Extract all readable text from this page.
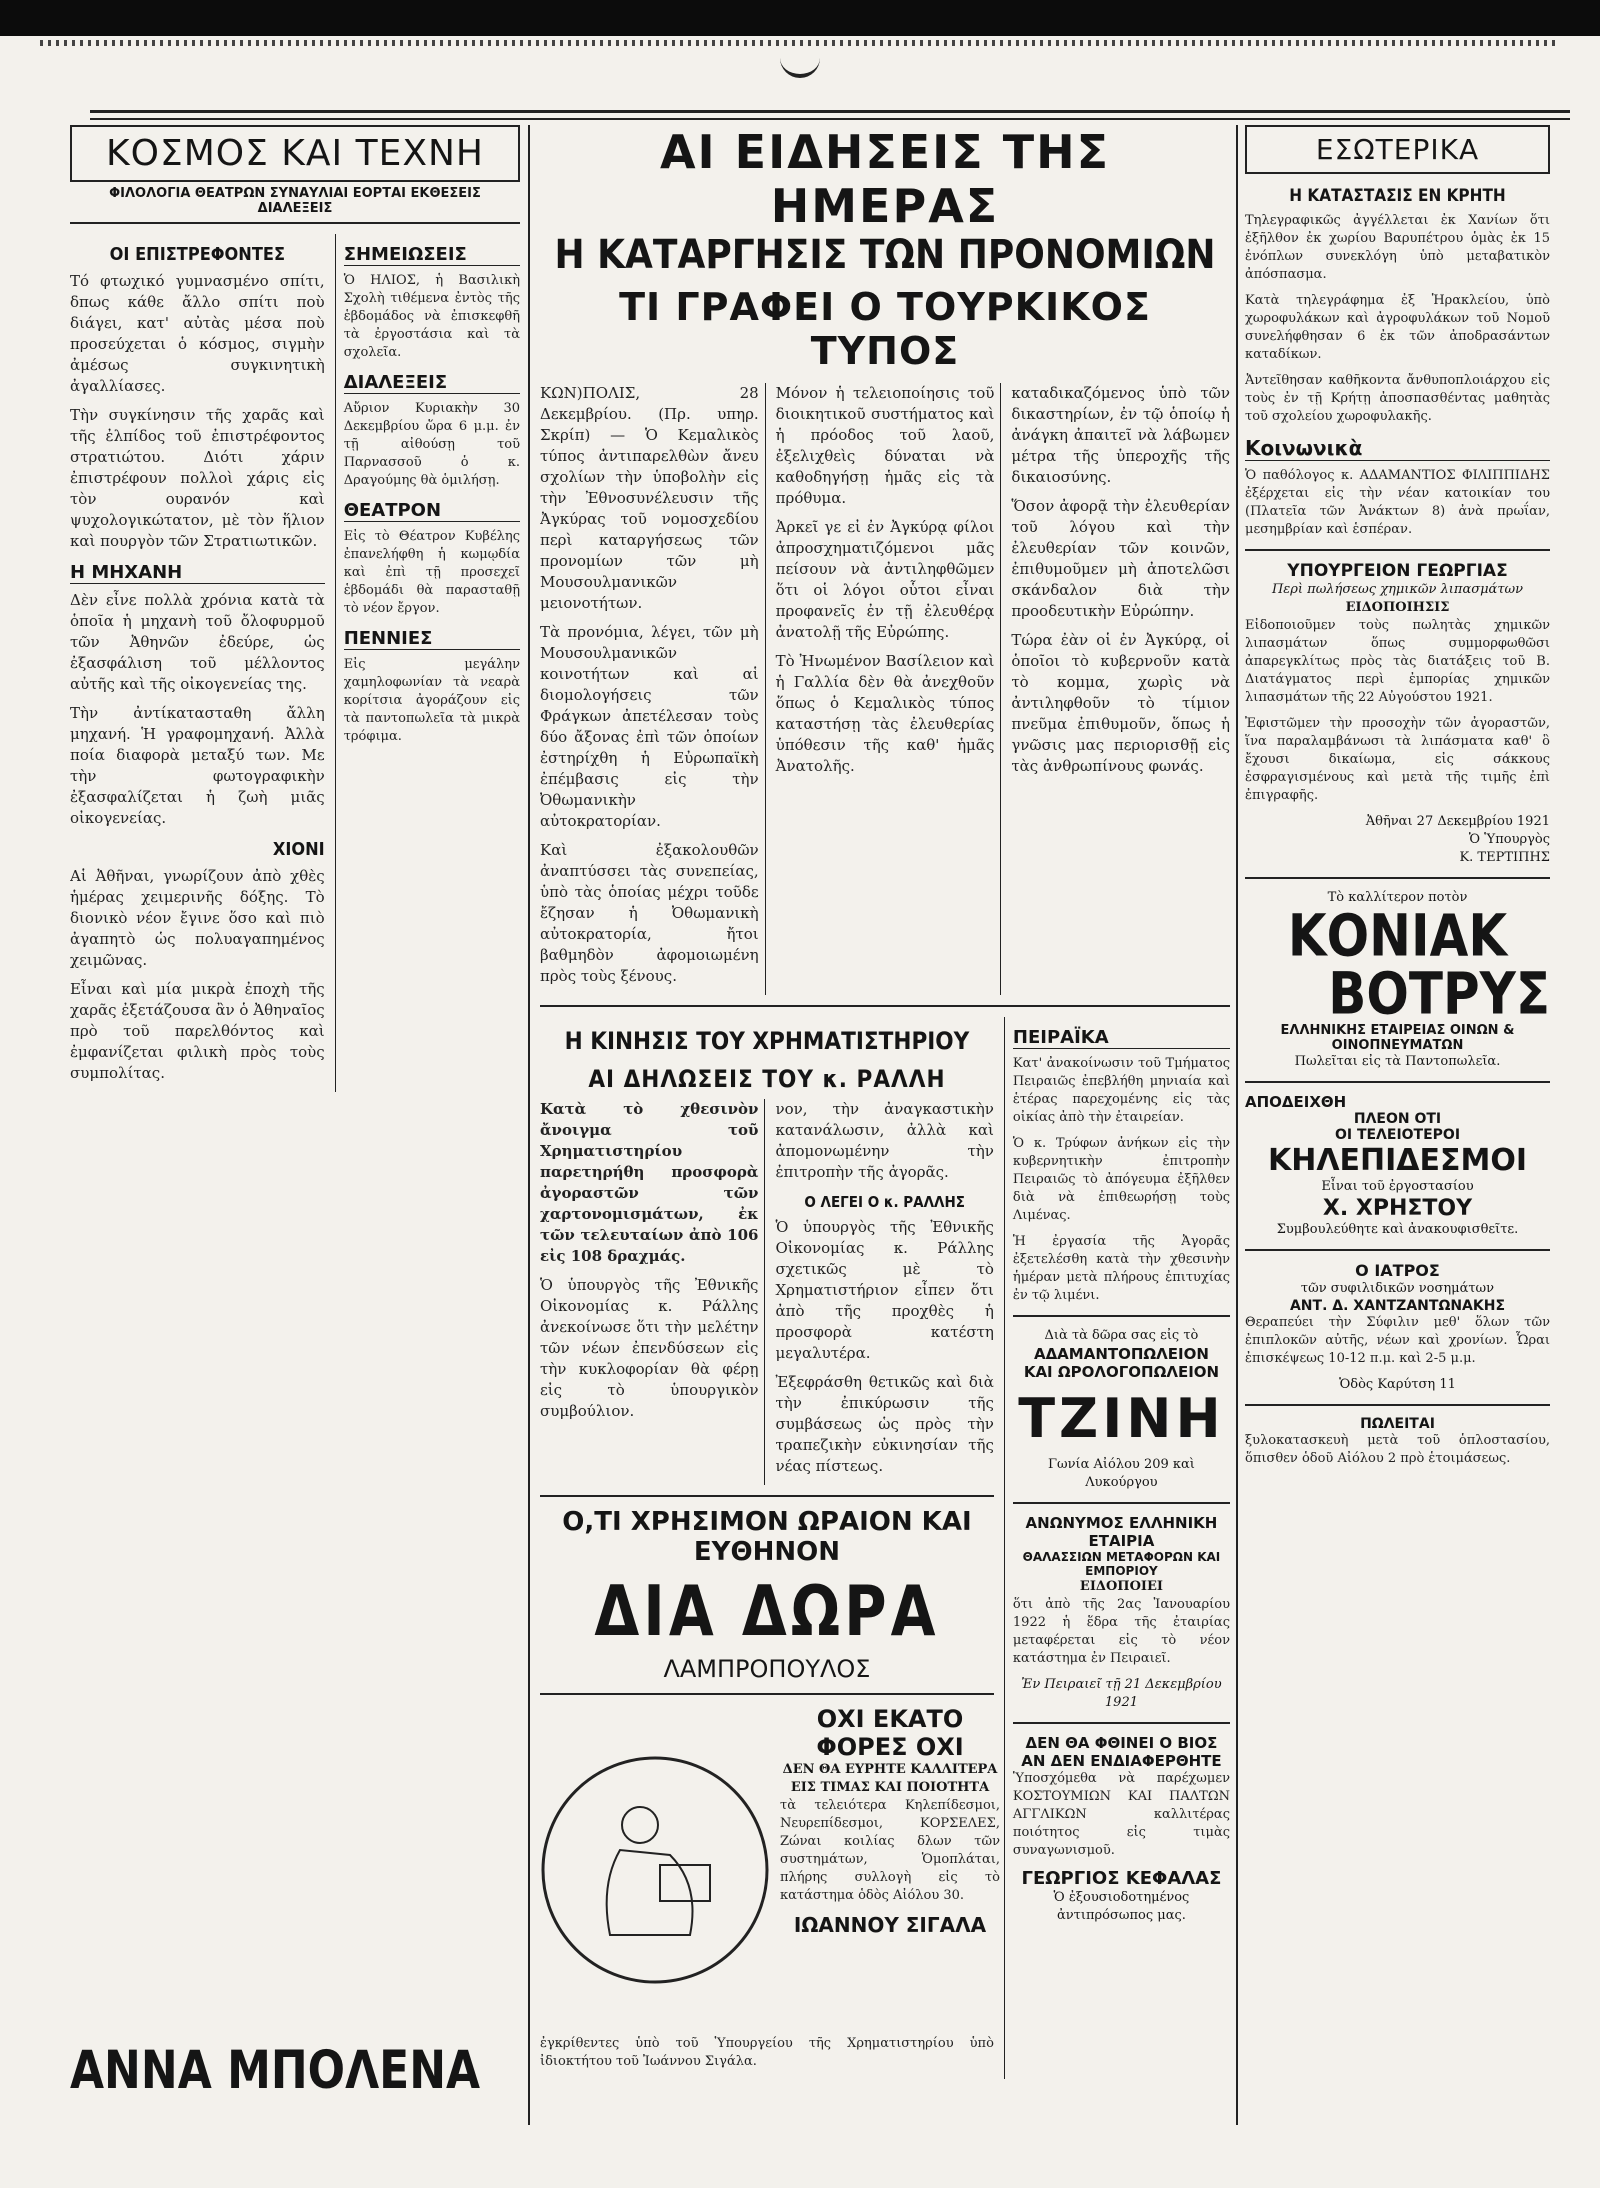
ΚΟΣΜΟΣ ΚΑΙ ΤΕΧΝΗ
ΦΙΛΟΛΟΓΙΑ ΘΕΑΤΡΩΝ ΣΥΝΑΥΛΙΑΙ ΕΟΡΤΑΙ ΕΚΘΕΣΕΙΣ ΔΙΑΛΕΞΕΙΣ
ΟΙ ΕΠΙΣΤΡΕΦΟΝΤΕΣ

Τό φτωχικό γυμνασμένο σπίτι, δπως κάθε ἄλλο σπίτι ποὺ διάγει, κατ' αὐτὰς μέσα ποὺ προσεύχεται ὁ κόσμος, σιγμὴν ἀμέσως συγκινητικὴ ἀγαλλίασες.

Τὴν συγκίνησιν τῆς χαρᾶς καὶ τῆς ἐλπίδος τοῦ ἐπιστρέφοντος στρατιώτου. Διότι χάριν ἐπιστρέφουν πολλοὶ χάρις εἰς τὸν ουρανόν καὶ ψυχολογικώτατον, μὲ τὸν ἥλιον καὶ πουργὸν τῶν Στρατιωτικῶν.

Η ΜΗΧΑΝΗ

Δὲν εἶνε πολλὰ χρόνια κατὰ τὰ ὁποῖα ἡ μηχανὴ τοῦ ὄλοφυρμοῦ τῶν Ἀθηνῶν ἐδεύρε, ὡς ἐξασφάλιση τοῦ μέλλοντος αὐτῆς καὶ τῆς οἰκογενείας της.

Τὴν ἀντίκατασταθη ἄλλη μηχανή. Ἡ γραφομηχανή. Ἀλλὰ ποία διαφορὰ μεταξύ των. Με τὴν φωτογραφικὴν ἐξασφαλίζεται ἡ ζωὴ μιᾶς οἰκογενείας.

ΧΙΟΝΙ

Αἱ Ἀθῆναι, γνωρίζουν ἀπὸ χθὲς ἡμέρας χειμερινῆς δόξης. Τὸ διονικὸ νέον ἔγινε ὅσο καὶ πιὸ ἀγαπητὸ ὡς πολυαγαπημένος χειμῶνας.

Εἶναι καὶ μία μικρὰ ἐποχὴ τῆς χαρᾶς ἐξετάζουσα ἂν ὁ Ἀθηναῖος πρὸ τοῦ παρελθόντος καὶ ἐμφανίζεται φιλικὴ πρὸς τοὺς συμπολίτας.

ΣΗΜΕΙΩΣΕΙΣ

Ὁ ΗΛΙΟΣ, ἡ Βασιλικὴ Σχολὴ τιθέμενα ἐντὸς τῆς ἑβδομάδος νὰ ἐπισκεφθῆ τὰ ἐργοστάσια καὶ τὰ σχολεῖα.

ΔΙΑΛΕΞΕΙΣ

Αὔριον Κυριακὴν 30 Δεκεμβρίου ὥρα 6 μ.μ. ἐν τῇ αἰθούσῃ τοῦ Παρνασσοῦ ὁ κ. Δραγούμης θὰ ὁμιλήσῃ.

ΘΕΑΤΡΟΝ

Εἰς τὸ Θέατρον Κυβέλης ἐπανελήφθη ἡ κωμῳδία καὶ ἐπὶ τῇ προσεχεῖ ἑβδομάδι θὰ παρασταθῇ τὸ νέον ἔργον.

ΠΕΝΝΙΕΣ

Εἰς μεγάλην χαμηλοφωνίαν τὰ νεαρὰ κορίτσια ἀγοράζουν εἰς τὰ παντοπωλεῖα τὰ μικρὰ τρόφιμα.

ΑΝΝΑ ΜΠΟΛΕΝΑ
ΑΙ ΕΙΔΗΣΕΙΣ ΤΗΣ ΗΜΕΡΑΣ
Η ΚΑΤΑΡΓΗΣΙΣ ΤΩΝ ΠΡΟΝΟΜΙΩΝ
ΤΙ ΓΡΑΦΕΙ Ο ΤΟΥΡΚΙΚΟΣ ΤΥΠΟΣ

ΚΩΝ)ΠΟΛΙΣ, 28 Δεκεμβρίου. (Πρ. υπηρ. Σκρίπ) — Ὁ Κεμαλικὸς τύπος ἀντιπαρελθὼν ἄνευ σχολίων τὴν ὑποβολὴν εἰς τὴν Ἐθνοσυνέλευσιν τῆς Ἀγκύρας τοῦ νομοσχεδίου περὶ καταργήσεως τῶν προνομίων τῶν μὴ Μουσουλμανικῶν μειονοτήτων.

Τὰ προνόμια, λέγει, τῶν μὴ Μουσουλμανικῶν κοινοτήτων καὶ αἱ διομολογήσεις τῶν Φράγκων ἀπετέλεσαν τοὺς δύο ἄξονας ἐπὶ τῶν ὁποίων ἐστηρίχθη ἡ Εὐρωπαϊκὴ ἐπέμβασις εἰς τὴν Ὀθωμανικὴν αὐτοκρατορίαν.

Καὶ ἐξακολουθῶν ἀναπτύσσει τὰς συνεπείας, ὑπὸ τὰς ὁποίας μέχρι τοῦδε ἔζησαν ἡ Ὀθωμανικὴ αὐτοκρατορία, ἤτοι βαθμηδὸν ἀφομοιωμένη πρὸς τοὺς ξένους.

Μόνον ἡ τελειοποίησις τοῦ διοικητικοῦ συστήματος καὶ ἡ πρόοδος τοῦ λαοῦ, ἐξελιχθεὶς δύναται νὰ καθοδηγήσῃ ἡμᾶς εἰς τὰ πρόθυμα.

Ἀρκεῖ γε εἰ ἐν Ἀγκύρᾳ φίλοι ἀπροσχηματιζόμενοι μᾶς πείσουν νὰ ἀντιληφθῶμεν ὅτι οἱ λόγοι οὗτοι εἶναι προφανεῖς ἐν τῇ ἐλευθέρᾳ ἀνατολῇ τῆς Εὐρώπης.

Τὸ Ἠνωμένον Βασίλειον καὶ ἡ Γαλλία δὲν θὰ ἀνεχθοῦν ὅπως ὁ Κεμαλικὸς τύπος καταστήσῃ τὰς ἐλευθερίας ὑπόθεσιν τῆς καθ' ἡμᾶς Ἀνατολῆς.

καταδικαζόμενος ὑπὸ τῶν δικαστηρίων, ἐν τῷ ὁποίῳ ἡ ἀνάγκη ἀπαιτεῖ νὰ λάβωμεν μέτρα τῆς ὑπεροχῆς τῆς δικαιοσύνης.

Ὅσον ἀφορᾷ τὴν ἐλευθερίαν τοῦ λόγου καὶ τὴν ἐλευθερίαν τῶν κοινῶν, ἐπιθυμοῦμεν μὴ ἀποτελῶσι σκάνδαλον διὰ τὴν προοδευτικὴν Εὐρώπην.

Τώρα ἐὰν οἱ ἐν Ἀγκύρᾳ, οἱ ὁποῖοι τὸ κυβερνοῦν κατὰ τὸ κομμα, χωρὶς νὰ ἀντιληφθοῦν τὸ τίμιον πνεῦμα ἐπιθυμοῦν, ὅπως ἡ γνῶσις μας περιορισθῇ εἰς τὰς ἀνθρωπίνους φωνάς.

Η ΚΙΝΗΣΙΣ ΤΟΥ ΧΡΗΜΑΤΙΣΤΗΡΙΟΥ
ΑΙ ΔΗΛΩΣΕΙΣ ΤΟΥ κ. ΡΑΛΛΗ

Κατὰ τὸ χθεσινὸν ἄνοιγμα τοῦ Χρηματιστηρίου παρετηρήθη προσφορὰ ἀγοραστῶν τῶν χαρτονομισμάτων, ἐκ τῶν τελευταίων ἀπὸ 106 εἰς 108 δραχμάς.

Ὁ ὑπουργὸς τῆς Ἐθνικῆς Οἰκονομίας κ. Ράλλης ἀνεκοίνωσε ὅτι τὴν μελέτην τῶν νέων ἐπενδύσεων εἰς τὴν κυκλοφορίαν θὰ φέρῃ εἰς τὸ ὑπουργικὸν συμβούλιον.

νον, τὴν ἀναγκαστικὴν κατανάλωσιν, ἀλλὰ καὶ ἀπομονωμένην τὴν ἐπιτροπὴν τῆς ἀγορᾶς.

Ο ΛΕΓΕΙ Ο κ. ΡΑΛΛΗΣ

Ὁ ὑπουργὸς τῆς Ἐθνικῆς Οἰκονομίας κ. Ράλλης σχετικῶς μὲ τὸ Χρηματιστήριον εἶπεν ὅτι ἀπὸ τῆς προχθὲς ἡ προσφορὰ κατέστη μεγαλυτέρα.

Ἐξεφράσθη θετικῶς καὶ διὰ τὴν ἐπικύρωσιν τῆς συμβάσεως ὡς πρὸς τὴν τραπεζικὴν εὐκινησίαν τῆς νέας πίστεως.

Ο,ΤΙ ΧΡΗΣΙΜΟΝ ΩΡΑΙΟΝ ΚΑΙ ΕΥΘΗΝΟΝ
ΔΙΑ ΔΩΡΑ
ΛΑΜΠΡΟΠΟΥΛΟΣ
ΟΧΙ ΕΚΑΤΟ ΦΟΡΕΣ ΟΧΙ
ΔΕΝ ΘΑ ΕΥΡΗΤΕ ΚΑΛΛΙΤΕΡΑ ΕΙΣ ΤΙΜΑΣ ΚΑΙ ΠΟΙΟΤΗΤΑ

τὰ τελειότερα Κηλεπίδεσμοι, Νευρεπίδεσμοι, ΚΟΡΣΕΛΕΣ, Ζώναι κοιλίας δλων τῶν συστημάτων, Ὁμοπλάται, πλήρης συλλογὴ εἰς τὸ κατάστημα ὁδὸς Αἰόλου 30.

ΙΩΑΝΝΟΥ ΣΙΓΑΛΑ

ἐγκρίθεντες ὑπὸ τοῦ Ὑπουργείου τῆς Χρηματιστηρίου ὑπὸ ἰδιοκτήτου τοῦ Ἰωάννου Σιγάλα.

ΠΕΙΡΑΪΚΑ

Κατ' ἀνακοίνωσιν τοῦ Τμήματος Πειραιῶς ἐπεβλήθη μηνιαία καὶ ἑτέρας παρεχομένης εἰς τὰς οἰκίας ἀπὸ τὴν ἐταιρείαν.

Ὁ κ. Τρύφων ἀνήκων εἰς τὴν κυβερνητικὴν ἐπιτροπὴν Πειραιῶς τὸ ἀπόγευμα ἐξῆλθεν διὰ νὰ ἐπιθεωρήσῃ τοὺς Λιμένας.

Ἡ ἐργασία τῆς Ἀγορᾶς ἐξετελέσθη κατὰ τὴν χθεσινὴν ἡμέραν μετὰ πλήρους ἐπιτυχίας ἐν τῷ λιμένι.

Διὰ τὰ δῶρα σας εἰς τὸ
ΑΔΑΜΑΝΤΟΠΩΛΕΙΟΝ
ΚΑΙ ΩΡΟΛΟΓΟΠΩΛΕΙΟΝ
ΤΖΙΝΗ
Γωνία Αἰόλου 209 καὶ Λυκούργου
ΑΝΩΝΥΜΟΣ ΕΛΛΗΝΙΚΗ ΕΤΑΙΡΙΑ
ΘΑΛΑΣΣΙΩΝ ΜΕΤΑΦΟΡΩΝ ΚΑΙ ΕΜΠΟΡΙΟΥ
ΕΙΔΟΠΟΙΕΙ

ὅτι ἀπὸ τῆς 2ας Ἰανουαρίου 1922 ἡ ἕδρα τῆς ἐταιρίας μεταφέρεται εἰς τὸ νέον κατάστημα ἐν Πειραιεῖ.

Ἐν Πειραιεῖ τῇ 21 Δεκεμβρίου 1921
ΔΕΝ ΘΑ ΦΘΙΝΕΙ Ο ΒΙΟΣ
ΑΝ ΔΕΝ ΕΝΔΙΑΦΕΡΘΗΤΕ

Ὑποσχόμεθα νὰ παρέχωμεν ΚΟΣΤΟΥΜΙΩΝ ΚΑΙ ΠΑΛΤΩΝ ΑΓΓΛΙΚΩΝ καλλιτέρας ποιότητος εἰς τιμὰς συναγωνισμοῦ.

ΓΕΩΡΓΙΟΣ ΚΕΦΑΛΑΣ
Ὁ ἐξουσιοδοτημένος ἀντιπρόσωπος μας.
ΕΣΩΤΕΡΙΚΑ
Η ΚΑΤΑΣΤΑΣΙΣ ΕΝ ΚΡΗΤΗ

Τηλεγραφικῶς ἀγγέλλεται ἐκ Χανίων ὅτι ἐξῆλθον ἐκ χωρίου Βαρυπέτρου ὁμὰς ἐκ 15 ἐνόπλων συνεκλόγη ὑπὸ μεταβατικὸν ἀπόσπασμα.

Κατὰ τηλεγράφημα ἐξ Ἡρακλείου, ὑπὸ χωροφυλάκων καὶ ἀγροφυλάκων τοῦ Νομοῦ συνελήφθησαν 6 ἐκ τῶν ἀποδρασάντων καταδίκων.

Ἀντεῖθησαν καθῆκοντα ἄνθυποπλοιάρχου εἰς τοὺς ἐν τῇ Κρήτῃ ἀποσπασθέντας μαθητὰς τοῦ σχολείου χωροφυλακῆς.

Κοινωνικὰ

Ὁ παθόλογος κ. ΑΔΑΜΑΝΤΙΟΣ ΦΙΛΙΠΠΙΔΗΣ ἐξέρχεται εἰς τὴν νέαν κατοικίαν του (Πλατεῖα τῶν Ἀνάκτων 8) ἀνὰ πρωΐαν, μεσημβρίαν καὶ ἑσπέραν.

ΥΠΟΥΡΓΕΙΟΝ ΓΕΩΡΓΙΑΣ
Περὶ πωλήσεως χημικῶν λιπασμάτων
ΕΙΔΟΠΟΙΗΣΙΣ

Εἰδοποιοῦμεν τοὺς πωλητὰς χημικῶν λιπασμάτων ὅπως συμμορφωθῶσι ἀπαρεγκλίτως πρὸς τὰς διατάξεις τοῦ Β. Διατάγματος περὶ ἐμπορίας χημικῶν λιπασμάτων τῆς 22 Αὐγούστου 1921.

Ἐφιστῶμεν τὴν προσοχὴν τῶν ἀγοραστῶν, ἵνα παραλαμβάνωσι τὰ λιπάσματα καθ' ὃ ἔχουσι δικαίωμα, εἰς σάκκους ἐσφραγισμένους καὶ μετὰ τῆς τιμῆς ἐπὶ ἐπιγραφῆς.

Ἀθῆναι 27 Δεκεμβρίου 1921
Ὁ Ὑπουργὸς
Κ. ΤΕΡΤΙΠΗΣ
Τὸ καλλίτερον ποτὸν
ΚΟΝΙΑΚ
ΒΟΤΡΥΣ
ΕΛΛΗΝΙΚΗΣ ΕΤΑΙΡΕΙΑΣ ΟΙΝΩΝ & ΟΙΝΟΠΝΕΥΜΑΤΩΝ
Πωλεῖται εἰς τὰ Παντοπωλεῖα.
ΑΠΟΔΕΙΧΘΗ
ΠΛΕΟΝ ΟΤΙ
ΟΙ ΤΕΛΕΙΟΤΕΡΟΙ
ΚΗΛΕΠΙΔΕΣΜΟΙ
Εἶναι τοῦ ἐργοστασίου
Χ. ΧΡΗΣΤΟΥ
Συμβουλεύθητε καὶ ἀνακουφισθεῖτε.
Ο ΙΑΤΡΟΣ
τῶν συφιλιδικῶν νοσημάτων
ΑΝΤ. Δ. ΧΑΝΤΖΑΝΤΩΝΑΚΗΣ

Θεραπεύει τὴν Σύφιλιν μεθ' ὅλων τῶν ἐπιπλοκῶν αὐτῆς, νέων καὶ χρονίων. Ὧραι ἐπισκέψεως 10-12 π.μ. καὶ 2-5 μ.μ.

Ὁδὸς Καρύτση 11
ΠΩΛΕΙΤΑΙ

ξυλοκατασκευὴ μετὰ τοῦ ὁπλοστασίου, ὅπισθεν ὁδοῦ Αἰόλου 2 πρὸ ἑτοιμάσεως.
